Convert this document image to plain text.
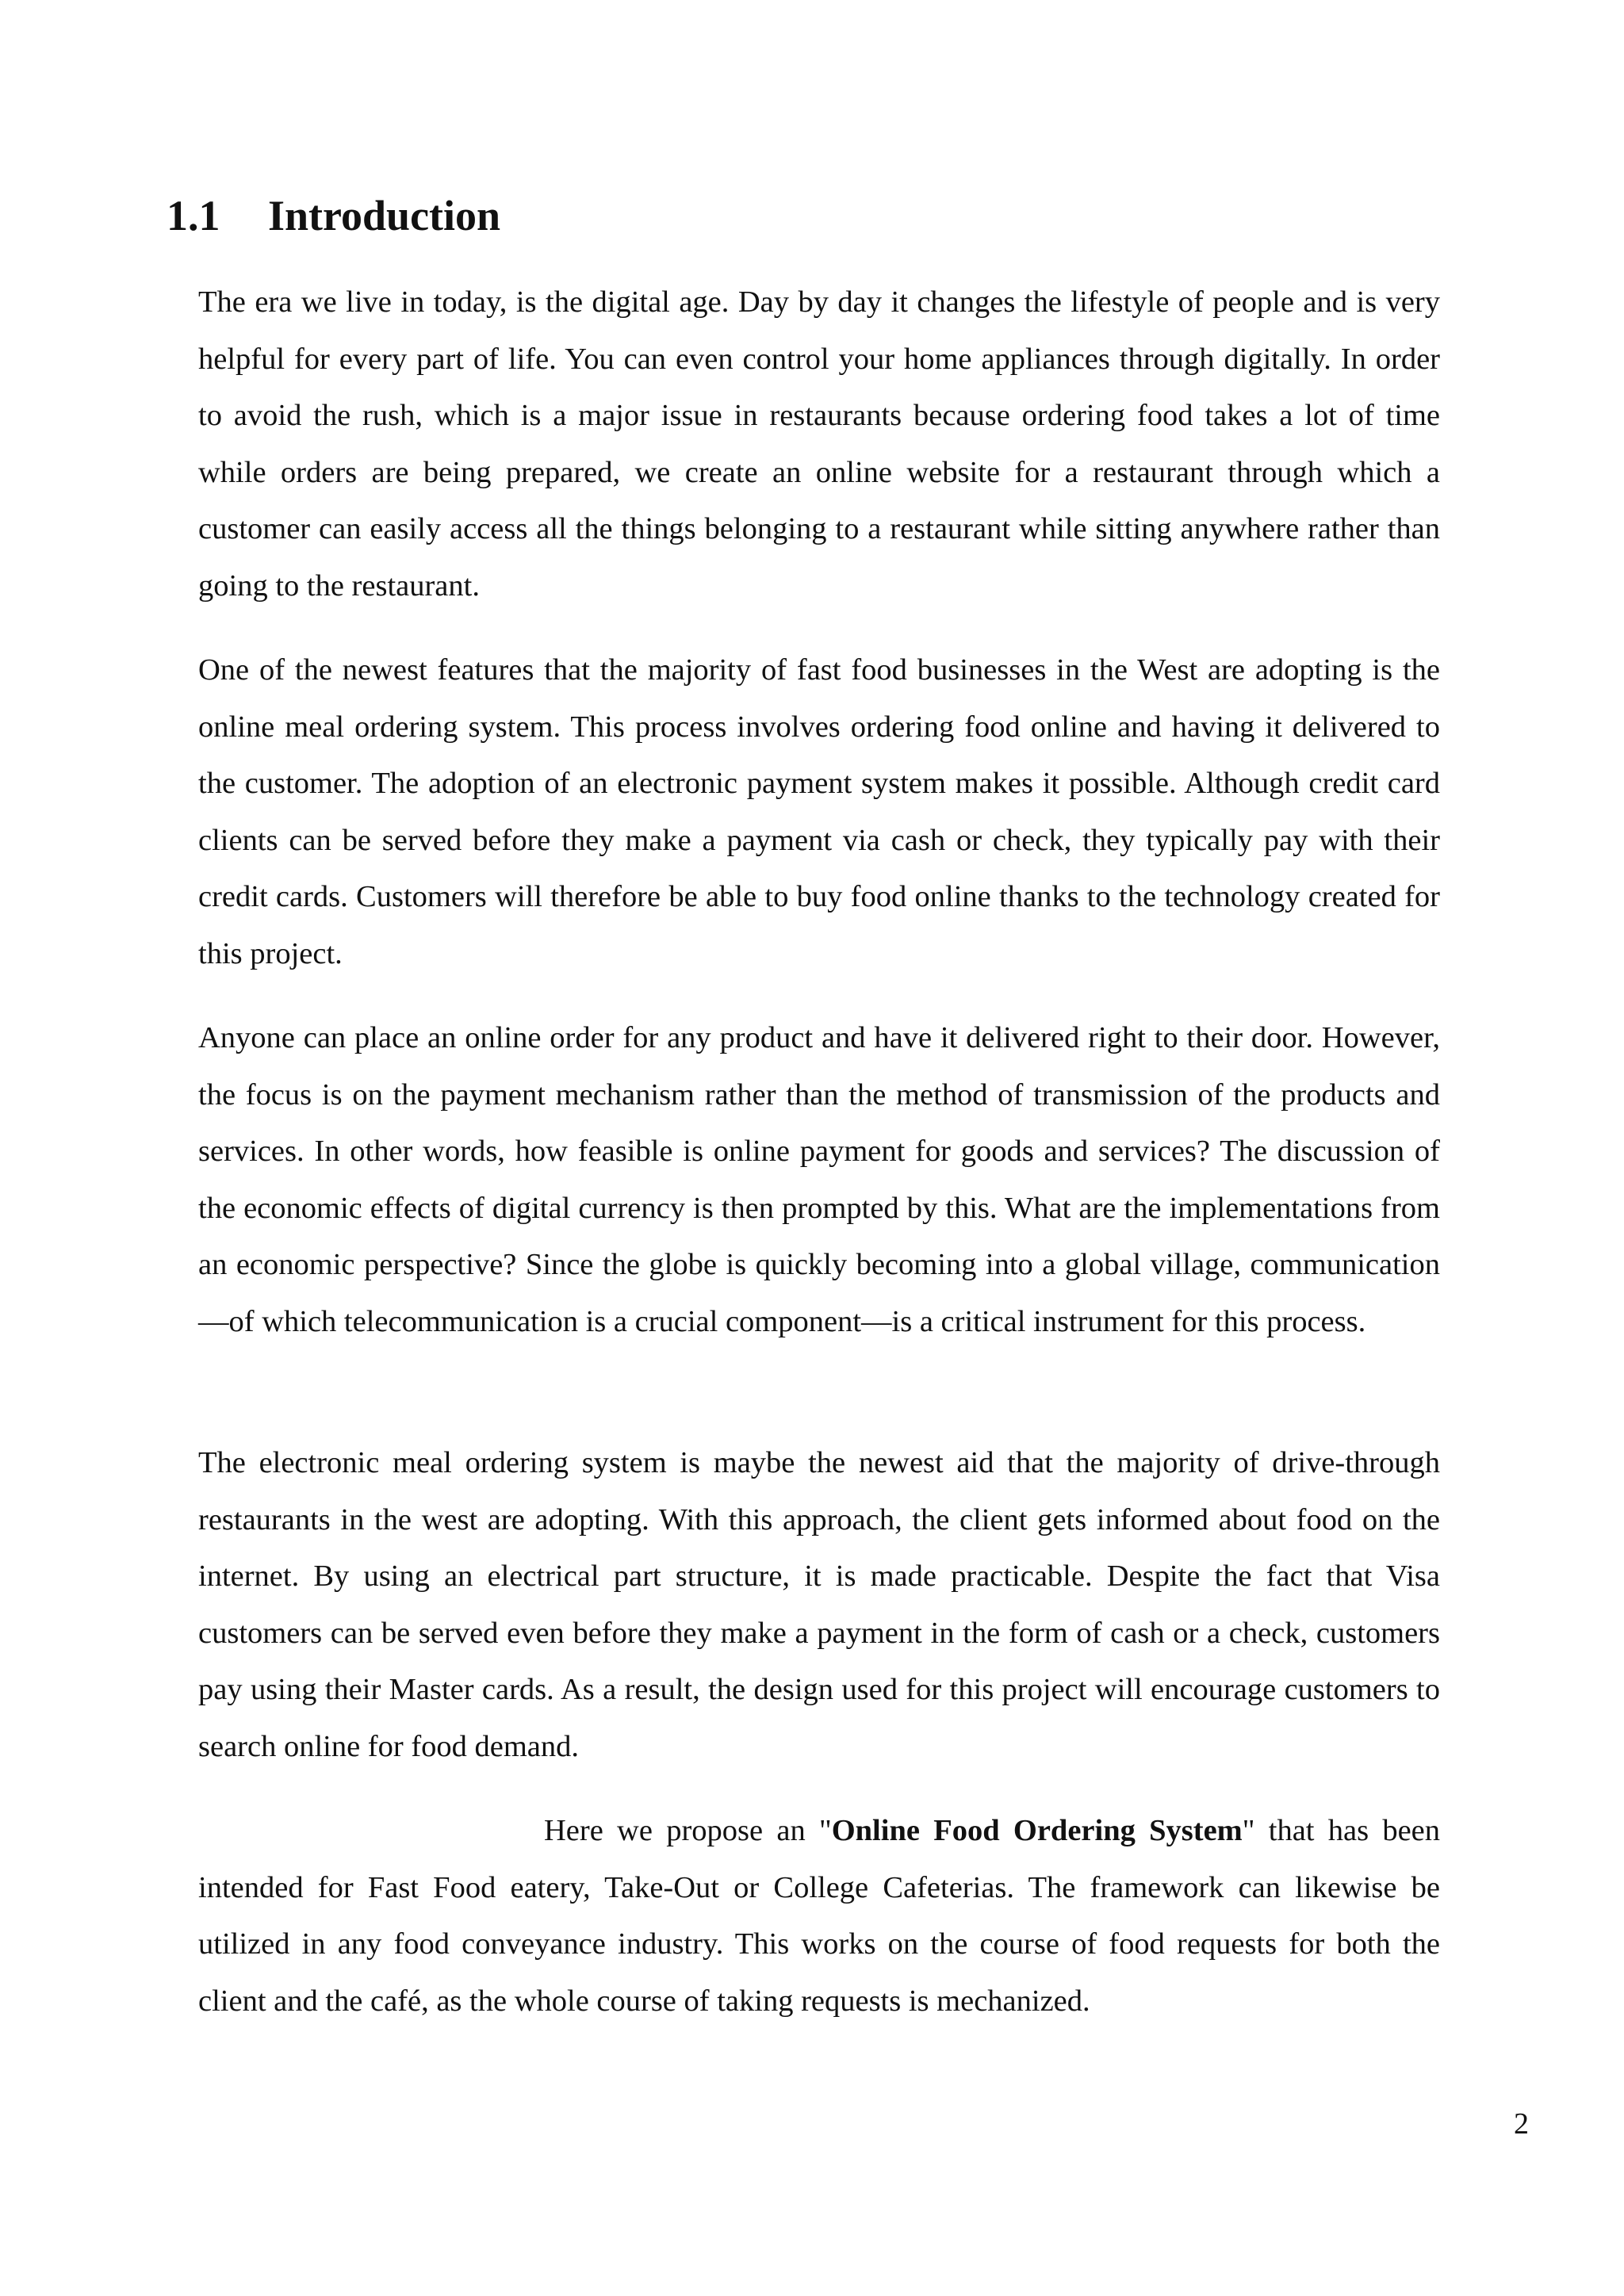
1.1 Introduction

The era we live in today, is the digital age. Day by day it changes the lifestyle of people and is very helpful for every part of life. You can even control your home appliances through digitally. In order to avoid the rush, which is a major issue in restaurants because ordering food takes a lot of time while orders are being prepared, we create an online website for a restaurant through which a customer can easily access all the things belonging to a restaurant while sitting anywhere rather than going to the restaurant.

One of the newest features that the majority of fast food businesses in the West are adopting is the online meal ordering system. This process involves ordering food online and having it delivered to the customer. The adoption of an electronic payment system makes it possible. Although credit card clients can be served before they make a payment via cash or check, they typically pay with their credit cards. Customers will therefore be able to buy food online thanks to the technology created for this project.

Anyone can place an online order for any product and have it delivered right to their door. However, the focus is on the payment mechanism rather than the method of transmission of the products and services. In other words, how feasible is online payment for goods and services? The discussion of the economic effects of digital currency is then prompted by this. What are the implementations from an economic perspective? Since the globe is quickly becoming into a global village, communication—of which telecommunication is a crucial component—is a critical instrument for this process.

The electronic meal ordering system is maybe the newest aid that the majority of drive-through restaurants in the west are adopting. With this approach, the client gets informed about food on the internet. By using an electrical part structure, it is made practicable. Despite the fact that Visa customers can be served even before they make a payment in the form of cash or a check, customers pay using their Master cards. As a result, the design used for this project will encourage customers to search online for food demand.

Here we propose an "Online Food Ordering System" that has been intended for Fast Food eatery, Take-Out or College Cafeterias. The framework can likewise be utilized in any food conveyance industry. This works on the course of food requests for both the client and the café, as the whole course of taking requests is mechanized.

2
